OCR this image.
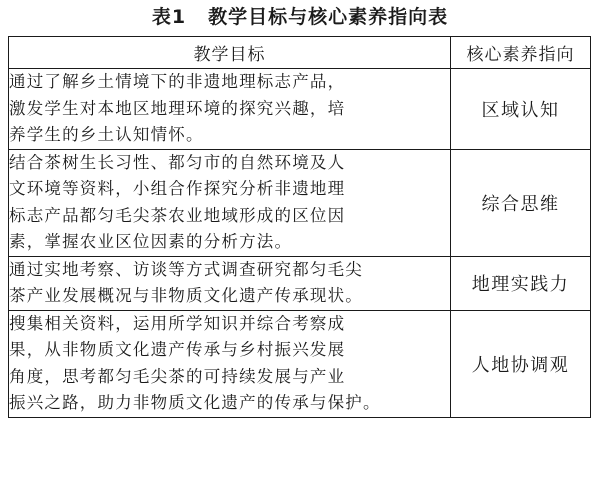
表1 教学目标与核心素养指向表
教学目标	核心素养指向

通过了解乡土情境下的非遗地理标志产品，
激发学生对本地区地理环境的探究兴趣，培
养学生的乡土认知情怀。	区域认知

结合茶树生长习性、都匀市的自然环境及人
文环境等资料，小组合作探究分析非遗地理
标志产品都匀毛尖茶农业地域形成的区位因
素，掌握农业区位因素的分析方法。	综合思维

通过实地考察、访谈等方式调查研究都匀毛尖
茶产业发展概况与非物质文化遗产传承现状。	地理实践力

搜集相关资料，运用所学知识并综合考察成
果，从非物质文化遗产传承与乡村振兴发展
角度，思考都匀毛尖茶的可持续发展与产业
振兴之路，助力非物质文化遗产的传承与保护。	人地协调观
